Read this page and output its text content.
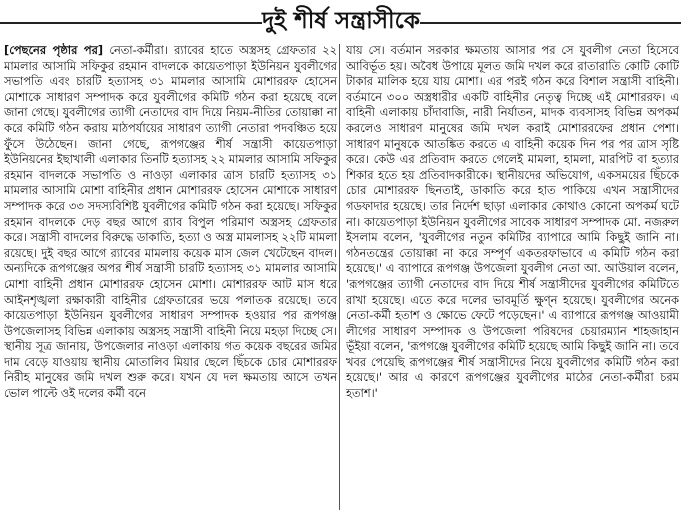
দুই শীর্ষ সন্ত্রাসীকে

[পেছনের পৃষ্ঠার পর] নেতা-কর্মীরা। র‍্যাবের হাতে অস্ত্রসহ গ্রেফতার ২২ মামলার আসামি সফিকুর রহমান বাদলকে কায়েতপাড়া ইউনিয়ন যুবলীগের সভাপতি এবং চারটি হত্যাসহ ৩১ মামলার আসামি মোশাররফ হোসেন মোশাকে সাধারণ সম্পাদক করে যুবলীগের কমিটি গঠন করা হয়েছে বলে জানা গেছে। যুবলীগের ত্যাগী নেতাদের বাদ দিয়ে নিয়ম-নীতির তোয়াক্কা না করে কমিটি গঠন করায় মাঠপর্যায়ের সাধারণ ত্যাগী নেতারা পদবঞ্চিত হয়ে ফুঁসে উঠেছেন। জানা গেছে, রূপগঞ্জের শীর্ষ সন্ত্রাসী কায়েতপাড়া ইউনিয়নের ইছাখালী এলাকার তিনটি হত্যাসহ ২২ মামলার আসামি সফিকুর রহমান বাদলকে সভাপতি ও নাওড়া এলাকার ত্রাস চারটি হত্যাসহ ৩১ মামলার আসামি মোশা বাহিনীর প্রধান মোশাররফ হোসেন মোশাকে সাধারণ সম্পাদক করে ৩৩ সদস্যবিশিষ্ট যুবলীগের কমিটি গঠন করা হয়েছে। সফিকুর রহমান বাদলকে দেড় বছর আগে র‍্যাব বিপুল পরিমাণ অস্ত্রসহ গ্রেফতার করে। সন্ত্রাসী বাদলের বিরুদ্ধে ডাকাতি, হত্যা ও অস্ত্র মামলাসহ ২২টি মামলা রয়েছে। দুই বছর আগে র‍্যাবের মামলায় কয়েক মাস জেল খেটেছেন বাদল। অন্যদিকে রূপগঞ্জের অপর শীর্ষ সন্ত্রাসী চারটি হত্যাসহ ৩১ মামলার আসামি মোশা বাহিনী প্রধান মোশাররফ হোসেন মোশা। মোশাররফ আট মাস ধরে আইনশৃঙ্খলা রক্ষাকারী বাহিনীর গ্রেফতারের ভয়ে পলাতক রয়েছে। তবে কায়েতপাড়া ইউনিয়ন যুবলীগের সাধারণ সম্পাদক হওয়ার পর রূপগঞ্জ উপজেলাসহ বিভিন্ন এলাকায় অস্ত্রসহ সন্ত্রাসী বাহিনী নিয়ে মহড়া দিচ্ছে সে। স্থানীয় সূত্র জানায়, উপজেলার নাওড়া এলাকায় গত কয়েক বছরের জমির দাম বেড়ে যাওয়ায় স্থানীয় মোতালিব মিয়ার ছেলে ছিঁচকে চোর মোশাররফ নিরীহ মানুষের জমি দখল শুরু করে। যখন যে দল ক্ষমতায় আসে তখন ভোল পাল্টে ওই দলের কর্মী বনে

যায় সে। বর্তমান সরকার ক্ষমতায় আসার পর সে যুবলীগ নেতা হিসেবে আবির্ভূত হয়। অবৈধ উপায়ে মূলত জমি দখল করে রাতারাতি কোটি কোটি টাকার মালিক হয়ে যায় মোশা। এর পরই গঠন করে বিশাল সন্ত্রাসী বাহিনী। বর্তমানে ৩০০ অস্ত্রধারীর একটি বাহিনীর নেতৃত্ব দিচ্ছে এই মোশাররফ। এ বাহিনী এলাকায় চাঁদাবাজি, নারী নির্যাতন, মাদক ব্যবসাসহ বিভিন্ন অপকর্ম করলেও সাধারণ মানুষের জমি দখল করাই মোশাররফের প্রধান পেশা। সাধারণ মানুষকে আতঙ্কিত করতে এ বাহিনী কয়েক দিন পর পর ত্রাস সৃষ্টি করে। কেউ এর প্রতিবাদ করতে গেলেই মামলা, হামলা, মারপিট বা হত্যার শিকার হতে হয় প্রতিবাদকারীকে। স্থানীয়দের অভিযোগ, একসময়ের ছিঁচকে চোর মোশাররফ ছিনতাই, ডাকাতি করে হাত পাকিয়ে এখন সন্ত্রাসীদের গডফাদার হয়েছে। তার নির্দেশ ছাড়া এলাকার কোথাও কোনো অপকর্ম ঘটে না। কায়েতপাড়া ইউনিয়ন যুবলীগের সাবেক সাধারণ সম্পাদক মো. নজরুল ইসলাম বলেন, 'যুবলীগের নতুন কমিটির ব্যাপারে আমি কিছুই জানি না। গঠনতন্ত্রের তোয়াক্কা না করে সম্পূর্ণ একতরফাভাবে এ কমিটি গঠন করা হয়েছে।' এ ব্যাপারে রূপগঞ্জ উপজেলা যুবলীগ নেতা আ. আউয়াল বলেন, 'রূপগঞ্জের ত্যাগী নেতাদের বাদ দিয়ে শীর্ষ সন্ত্রাসীদের যুবলীগের কমিটিতে রাখা হয়েছে। এতে করে দলের ভাবমূর্তি ক্ষুণ্ন হয়েছে। যুবলীগের অনেক নেতা-কর্মী হতাশ ও ক্ষোভে ফেটে পড়েছেন।' এ ব্যাপারে রূপগঞ্জ আওয়ামী লীগের সাধারণ সম্পাদক ও উপজেলা পরিষদের চেয়ারম্যান শাহজাহান ভূঁইয়া বলেন, 'রূপগঞ্জে যুবলীগের কমিটি হয়েছে আমি কিছুই জানি না। তবে খবর পেয়েছি রূপগঞ্জের শীর্ষ সন্ত্রাসীদের নিয়ে যুবলীগের কমিটি গঠন করা হয়েছে।' আর এ কারণে রূপগঞ্জের যুবলীগের মাঠের নেতা-কর্মীরা চরম হতাশ।'
